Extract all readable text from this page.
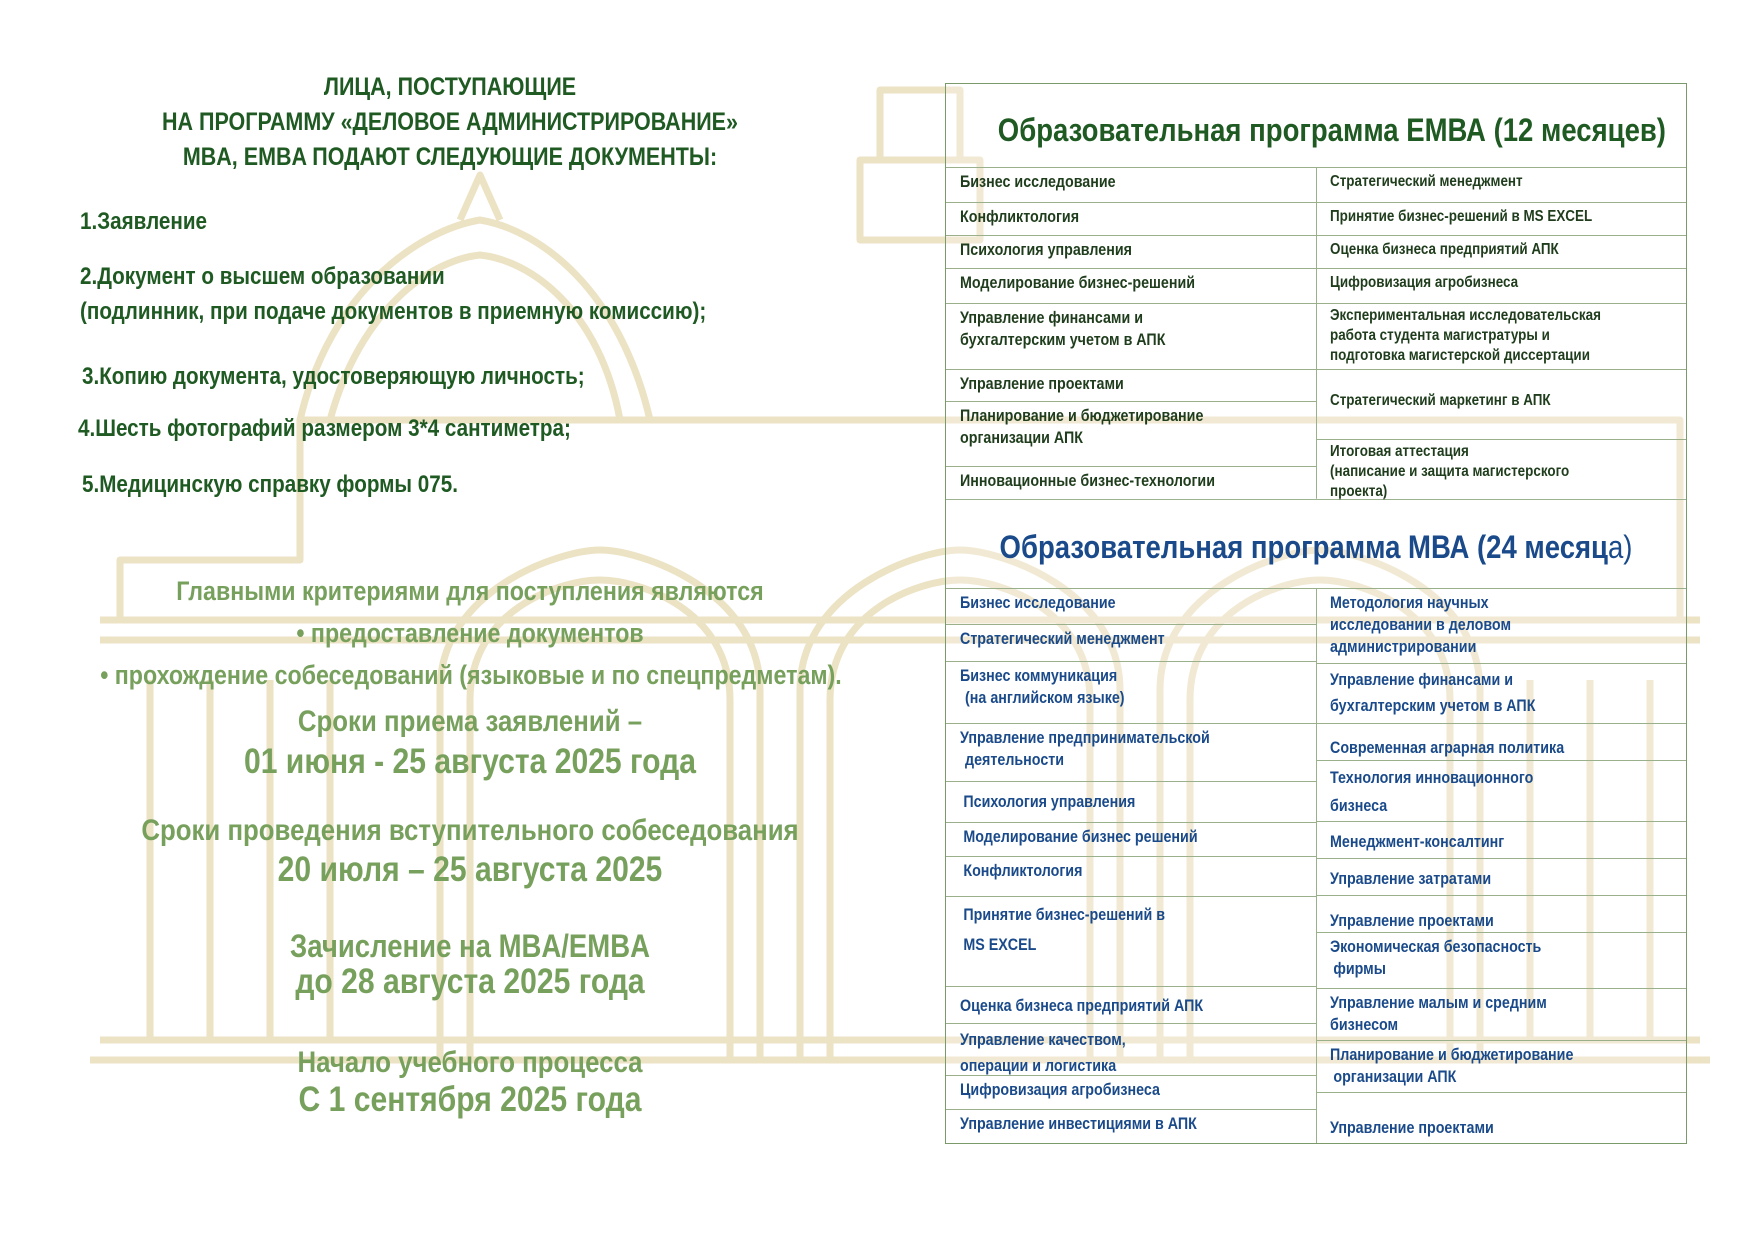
ЛИЦА, ПОСТУПАЮЩИЕ
НА ПРОГРАММУ «ДЕЛОВОЕ АДМИНИСТРИРОВАНИЕ»
MBA, EMBA ПОДАЮТ СЛЕДУЮЩИЕ ДОКУМЕНТЫ:
1.Заявление
2.Документ о высшем образовании
(подлинник, при подаче документов в приемную комиссию);
3.Копию документа, удостоверяющую личность;
4.Шесть фотографий размером 3*4 сантиметра;
5.Медицинскую справку формы 075.
Главными критериями для поступления являются
• предоставление документов
• прохождение собеседований (языковые и по спецпредметам).
Сроки приема заявлений –
01 июня - 25 августа 2025 года
Сроки проведения вступительного собеседования
20 июля – 25 августа 2025
Зачисление на MBA/EMBA
до 28 августа 2025 года
Начало учебного процесса
С 1 сентября 2025 года
Образовательная программа ЕМВА (12 месяцев)
Бизнес исследование
Конфликтология
Психология управления
Моделирование бизнес-решений
Управление финансами и
бухгалтерским учетом в АПК
Управление проектами
Планирование и бюджетирование
организации АПК
Инновационные бизнес-технологии
Стратегический менеджмент
Принятие бизнес-решений в MS EXCEL
Оценка бизнеса предприятий АПК
Цифровизация агробизнеса
Экспериментальная исследовательская
работа студента магистратуры и
подготовка магистерской диссертации
Стратегический маркетинг в АПК
Итоговая аттестация
(написание и защита магистерского
проекта)
Образовательная программа МВА (24 месяца)
Бизнес исследование
Стратегический менеджмент
Бизнес коммуникация
(на английском языке)
Управление предпринимательской
деятельности
Психология управления
Моделирование бизнес решений
Конфликтология
Принятие бизнес-решений в
MS EXCEL
Оценка бизнеса предприятий АПК
Управление качеством,
операции и логистика
Цифровизация агробизнеса
Управление инвестициями в АПК
Методология научных
исследовании в деловом
администрировании
Управление финансами и
бухгалтерским учетом в АПК
Современная аграрная политика
Технология инновационного
бизнеса
Менеджмент-консалтинг
Управление затратами
Управление проектами
Экономическая безопасность
фирмы
Управление малым и средним
бизнесом
Планирование и бюджетирование
организации АПК
Управление проектами
